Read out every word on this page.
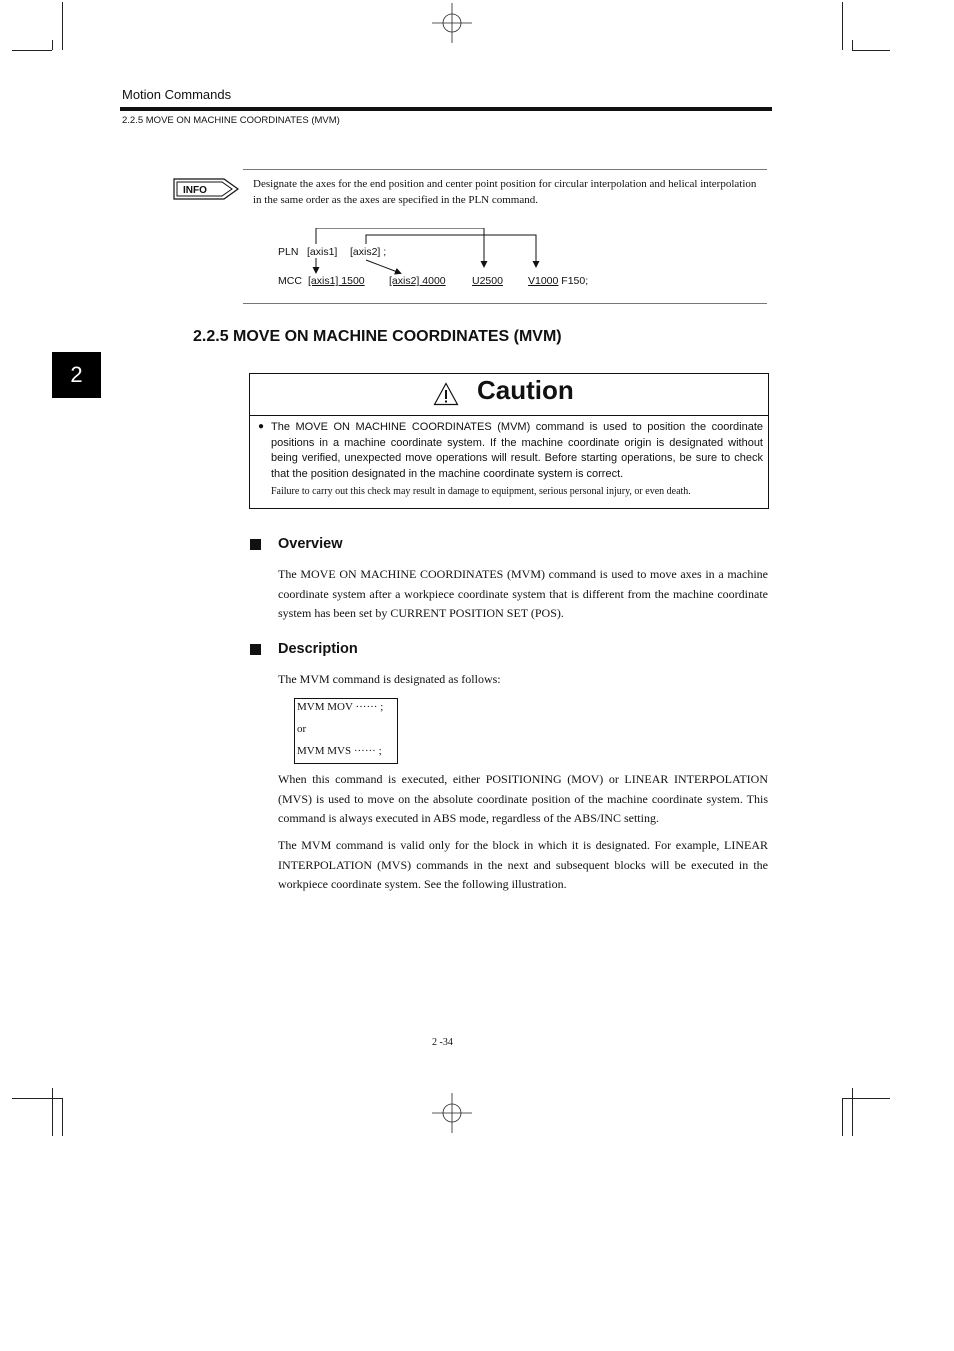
Motion Commands
2.2.5 MOVE ON MACHINE COORDINATES (MVM)
2
INFO
Designate the axes for the end position and center point position for circular interpolation and helical interpolation in the same order as the axes are specified in the PLN command.
PLN [axis1] [axis2] ;
MCC [axis1] 1500 [axis2] 4000	U2500 V1000 F150;
2.2.5 MOVE ON MACHINE COORDINATES (MVM)
Caution
● The MOVE ON MACHINE COORDINATES (MVM) command is used to position the coordinate positions in a machine coordinate system. If the machine coordinate origin is designated without being verified, unexpected move operations will result. Before starting operations, be sure to check that the position designated in the machine coordinate system is correct.
Failure to carry out this check may result in damage to equipment, serious personal injury, or even death.
Overview
The MOVE ON MACHINE COORDINATES (MVM) command is used to move axes in a machine coordinate system after a workpiece coordinate system that is different from the machine coordinate system has been set by CURRENT POSITION SET (POS).
Description
The MVM command is designated as follows:
MVM MOV ······ ;
or
MVM MVS ······ ;
When this command is executed, either POSITIONING (MOV) or LINEAR INTERPOLATION (MVS) is used to move on the absolute coordinate position of the machine coordinate system. This command is always executed in ABS mode, regardless of the ABS/INC setting.
The MVM command is valid only for the block in which it is designated. For example, LINEAR INTERPOLATION (MVS) commands in the next and subsequent blocks will be executed in the workpiece coordinate system. See the following illustration.
2 -34
